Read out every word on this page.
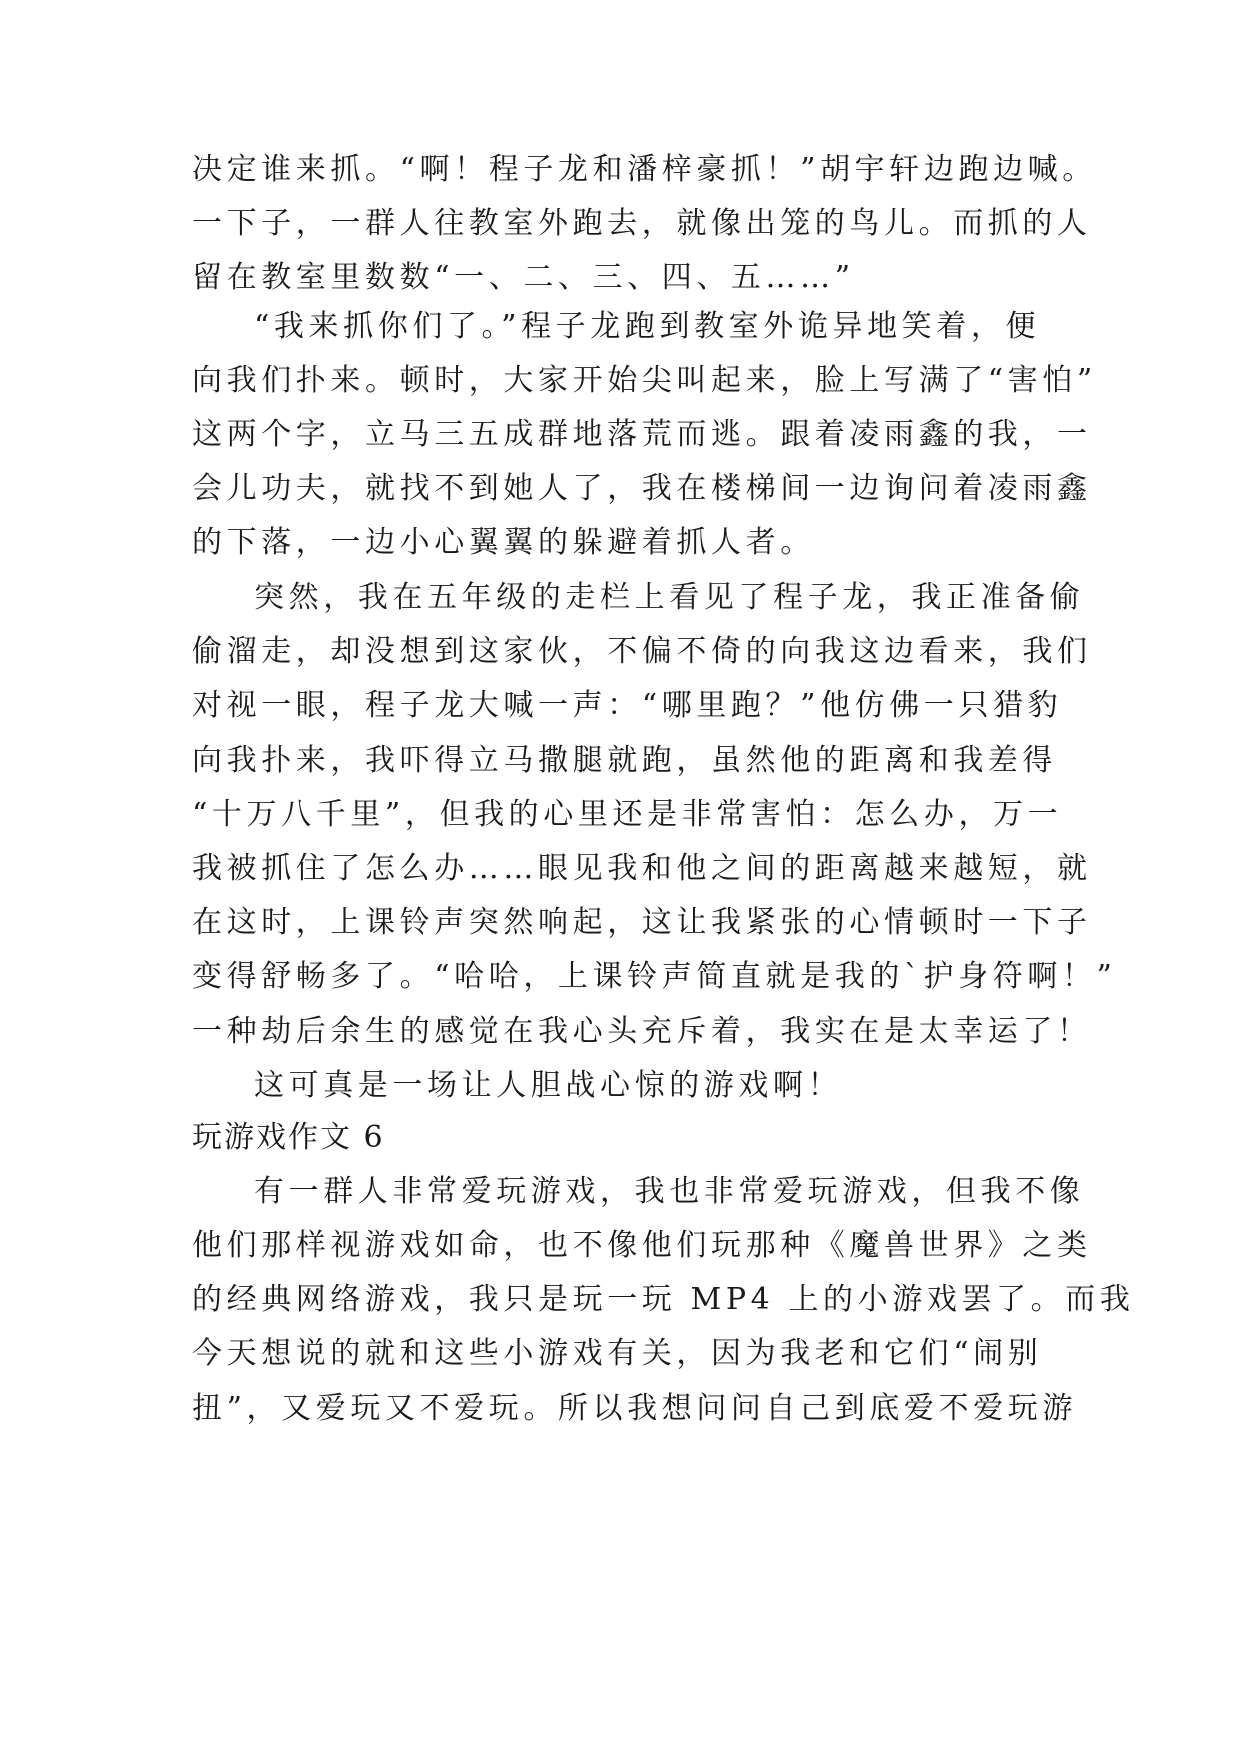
决定谁来抓。“啊！程子龙和潘梓豪抓！”胡宇轩边跑边喊。
一下子，一群人往教室外跑去，就像出笼的鸟儿。而抓的人
留在教室里数数“一、二、三、四、五……”
“我来抓你们了。”程子龙跑到教室外诡异地笑着，便
向我们扑来。顿时，大家开始尖叫起来，脸上写满了“害怕”
这两个字，立马三五成群地落荒而逃。跟着凌雨鑫的我，一
会儿功夫，就找不到她人了，我在楼梯间一边询问着凌雨鑫
的下落，一边小心翼翼的躲避着抓人者。
突然，我在五年级的走栏上看见了程子龙，我正准备偷
偷溜走，却没想到这家伙，不偏不倚的向我这边看来，我们
对视一眼，程子龙大喊一声：“哪里跑？”他仿佛一只猎豹
向我扑来，我吓得立马撒腿就跑，虽然他的距离和我差得
“十万八千里”，但我的心里还是非常害怕：怎么办，万一
我被抓住了怎么办……眼见我和他之间的距离越来越短，就
在这时，上课铃声突然响起，这让我紧张的心情顿时一下子
变得舒畅多了。“哈哈，上课铃声简直就是我的`护身符啊！”
一种劫后余生的感觉在我心头充斥着，我实在是太幸运了！
这可真是一场让人胆战心惊的游戏啊！
玩游戏作文 6
有一群人非常爱玩游戏，我也非常爱玩游戏，但我不像
他们那样视游戏如命，也不像他们玩那种《魔兽世界》之类
的经典网络游戏，我只是玩一玩 MP4 上的小游戏罢了。而我
今天想说的就和这些小游戏有关，因为我老和它们“闹别
扭”，又爱玩又不爱玩。所以我想问问自己到底爱不爱玩游
